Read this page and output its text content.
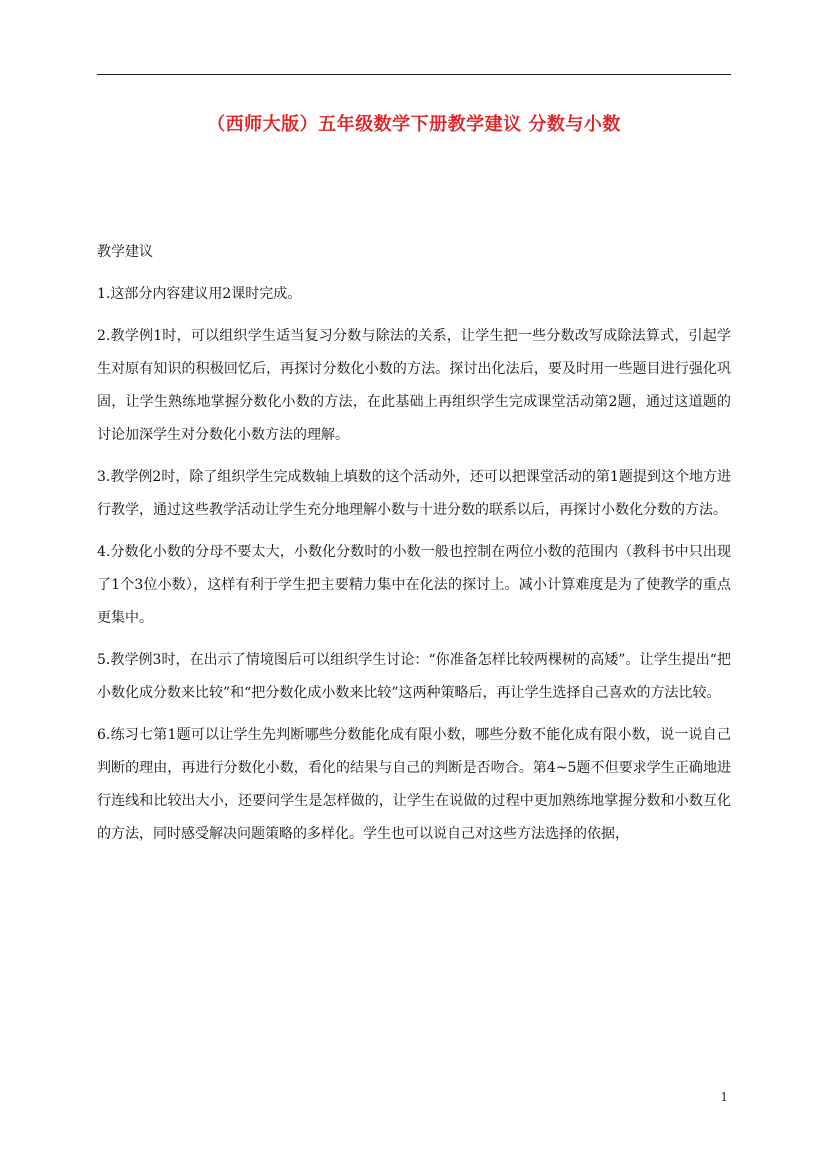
（西师大版）五年级数学下册教学建议 分数与小数

教学建议

1.这部分内容建议用2课时完成。

2.教学例1时，可以组织学生适当复习分数与除法的关系，让学生把一些分数改写成除法算式，引起学生对原有知识的积极回忆后，再探讨分数化小数的方法。探讨出化法后，要及时用一些题目进行强化巩固，让学生熟练地掌握分数化小数的方法，在此基础上再组织学生完成课堂活动第2题，通过这道题的讨论加深学生对分数化小数方法的理解。

3.教学例2时，除了组织学生完成数轴上填数的这个活动外，还可以把课堂活动的第1题提到这个地方进行教学，通过这些教学活动让学生充分地理解小数与十进分数的联系以后，再探讨小数化分数的方法。

4.分数化小数的分母不要太大，小数化分数时的小数一般也控制在两位小数的范围内（教科书中只出现了1个3位小数），这样有利于学生把主要精力集中在化法的探讨上。减小计算难度是为了使教学的重点更集中。

5.教学例3时，在出示了情境图后可以组织学生讨论：“你准备怎样比较两棵树的高矮”。让学生提出“把小数化成分数来比较”和“把分数化成小数来比较”这两种策略后，再让学生选择自己喜欢的方法比较。

6.练习七第1题可以让学生先判断哪些分数能化成有限小数，哪些分数不能化成有限小数，说一说自己判断的理由，再进行分数化小数，看化的结果与自己的判断是否吻合。第4~5题不但要求学生正确地进行连线和比较出大小，还要问学生是怎样做的，让学生在说做的过程中更加熟练地掌握分数和小数互化的方法，同时感受解决问题策略的多样化。学生也可以说自己对这些方法选择的依据，

1
